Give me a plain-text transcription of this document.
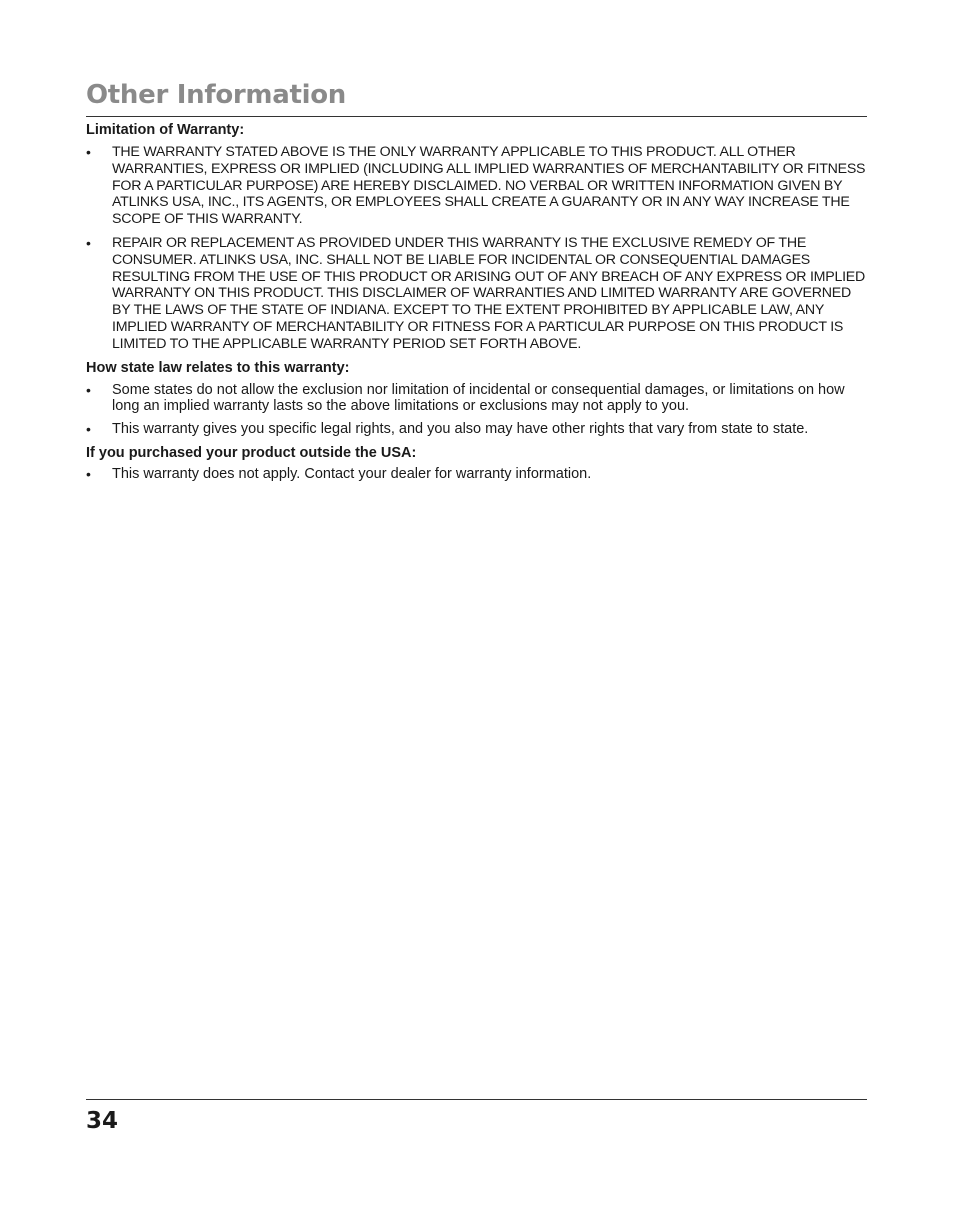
Other Information

Limitation of Warranty:

•	THE WARRANTY STATED ABOVE IS THE ONLY WARRANTY APPLICABLE TO THIS PRODUCT. ALL OTHER WARRANTIES, EXPRESS OR IMPLIED (INCLUDING ALL IMPLIED WARRANTIES OF MERCHANTABILITY OR FITNESS FOR A PARTICULAR PURPOSE) ARE HEREBY DISCLAIMED. NO VERBAL OR WRITTEN INFORMATION GIVEN BY ATLINKS USA, INC., ITS AGENTS, OR EMPLOYEES SHALL CREATE A GUARANTY OR IN ANY WAY INCREASE THE SCOPE OF THIS WARRANTY.
•	REPAIR OR REPLACEMENT AS PROVIDED UNDER THIS WARRANTY IS THE EXCLUSIVE REMEDY OF THE CONSUMER. ATLINKS USA, INC. SHALL NOT BE LIABLE FOR INCIDENTAL OR CONSEQUENTIAL DAMAGES RESULTING FROM THE USE OF THIS PRODUCT OR ARISING OUT OF ANY BREACH OF ANY EXPRESS OR IMPLIED WARRANTY ON THIS PRODUCT. THIS DISCLAIMER OF WARRANTIES AND LIMITED WARRANTY ARE GOVERNED BY THE LAWS OF THE STATE OF INDIANA. EXCEPT TO THE EXTENT PROHIBITED BY APPLICABLE LAW, ANY IMPLIED WARRANTY OF MERCHANTABILITY OR FITNESS FOR A PARTICULAR PURPOSE ON THIS PRODUCT IS LIMITED TO THE APPLICABLE WARRANTY PERIOD SET FORTH ABOVE.

How state law relates to this warranty:

•	Some states do not allow the exclusion nor limitation of incidental or consequential damages, or limitations on how long an implied warranty lasts so the above limitations or exclusions may not apply to you.
•	This warranty gives you specific legal rights, and you also may have other rights that vary from state to state.

If you purchased your product outside the USA:

•	This warranty does not apply. Contact your dealer for warranty information.
34
